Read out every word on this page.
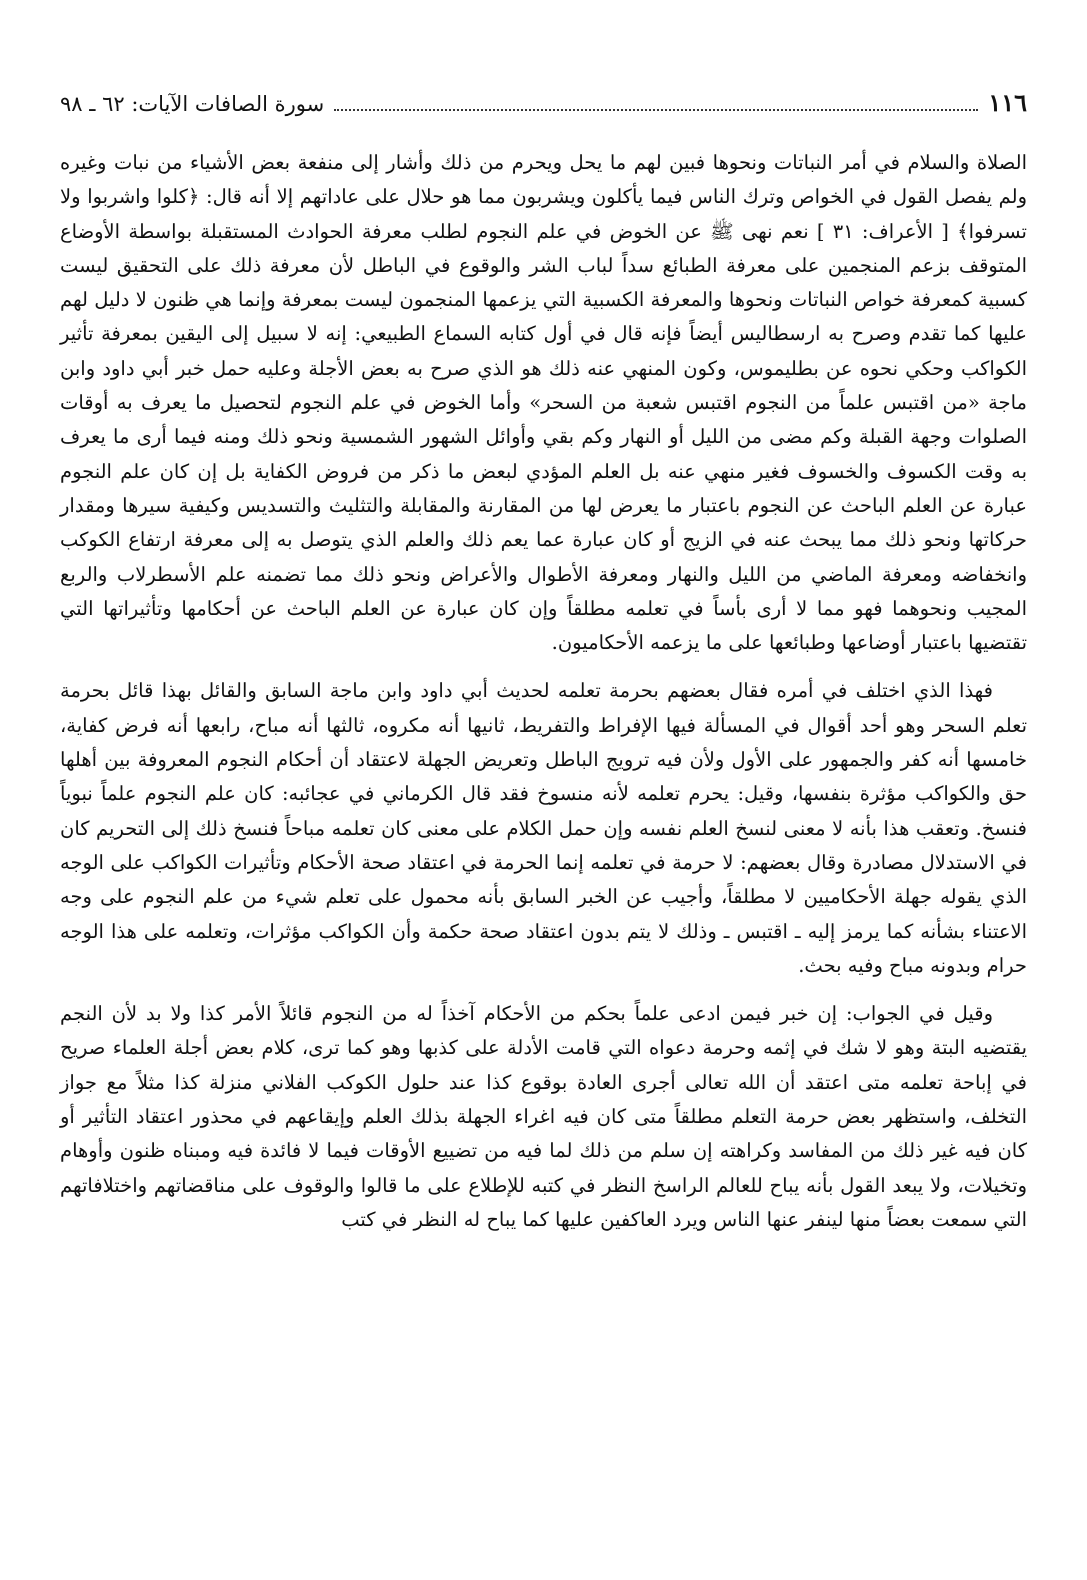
١١٦
سورة الصافات الآيات: ٦٢ ـ ٩٨

الصلاة والسلام في أمر النباتات ونحوها فبين لهم ما يحل ويحرم من ذلك وأشار إلى منفعة بعض الأشياء من نبات وغيره ولم يفصل القول في الخواص وترك الناس فيما يأكلون ويشربون مما هو حلال على عاداتهم إلا أنه قال: ﴿كلوا واشربوا ولا تسرفوا﴾ [ الأعراف: ٣١ ] نعم نهى ﷺ عن الخوض في علم النجوم لطلب معرفة الحوادث المستقبلة بواسطة الأوضاع المتوقف بزعم المنجمين على معرفة الطبائع سداً لباب الشر والوقوع في الباطل لأن معرفة ذلك على التحقيق ليست كسبية كمعرفة خواص النباتات ونحوها والمعرفة الكسبية التي يزعمها المنجمون ليست بمعرفة وإنما هي ظنون لا دليل لهم عليها كما تقدم وصرح به ارسطاليس أيضاً فإنه قال في أول كتابه السماع الطبيعي: إنه لا سبيل إلى اليقين بمعرفة تأثير الكواكب وحكي نحوه عن بطليموس، وكون المنهي عنه ذلك هو الذي صرح به بعض الأجلة وعليه حمل خبر أبي داود وابن ماجة «من اقتبس علماً من النجوم اقتبس شعبة من السحر» وأما الخوض في علم النجوم لتحصيل ما يعرف به أوقات الصلوات وجهة القبلة وكم مضى من الليل أو النهار وكم بقي وأوائل الشهور الشمسية ونحو ذلك ومنه فيما أرى ما يعرف به وقت الكسوف والخسوف فغير منهي عنه بل العلم المؤدي لبعض ما ذكر من فروض الكفاية بل إن كان علم النجوم عبارة عن العلم الباحث عن النجوم باعتبار ما يعرض لها من المقارنة والمقابلة والتثليث والتسديس وكيفية سيرها ومقدار حركاتها ونحو ذلك مما يبحث عنه في الزيج أو كان عبارة عما يعم ذلك والعلم الذي يتوصل به إلى معرفة ارتفاع الكوكب وانخفاضه ومعرفة الماضي من الليل والنهار ومعرفة الأطوال والأعراض ونحو ذلك مما تضمنه علم الأسطرلاب والربع المجيب ونحوهما فهو مما لا أرى بأساً في تعلمه مطلقاً وإن كان عبارة عن العلم الباحث عن أحكامها وتأثيراتها التي تقتضيها باعتبار أوضاعها وطبائعها على ما يزعمه الأحكاميون.

فهذا الذي اختلف في أمره فقال بعضهم بحرمة تعلمه لحديث أبي داود وابن ماجة السابق والقائل بهذا قائل بحرمة تعلم السحر وهو أحد أقوال في المسألة فيها الإفراط والتفريط، ثانيها أنه مكروه، ثالثها أنه مباح، رابعها أنه فرض كفاية، خامسها أنه كفر والجمهور على الأول ولأن فيه ترويج الباطل وتعريض الجهلة لاعتقاد أن أحكام النجوم المعروفة بين أهلها حق والكواكب مؤثرة بنفسها، وقيل: يحرم تعلمه لأنه منسوخ فقد قال الكرماني في عجائبه: كان علم النجوم علماً نبوياً فنسخ. وتعقب هذا بأنه لا معنى لنسخ العلم نفسه وإن حمل الكلام على معنى كان تعلمه مباحاً فنسخ ذلك إلى التحريم كان في الاستدلال مصادرة وقال بعضهم: لا حرمة في تعلمه إنما الحرمة في اعتقاد صحة الأحكام وتأثيرات الكواكب على الوجه الذي يقوله جهلة الأحكاميين لا مطلقاً، وأجيب عن الخبر السابق بأنه محمول على تعلم شيء من علم النجوم على وجه الاعتناء بشأنه كما يرمز إليه ـ اقتبس ـ وذلك لا يتم بدون اعتقاد صحة حكمة وأن الكواكب مؤثرات، وتعلمه على هذا الوجه حرام وبدونه مباح وفيه بحث.

وقيل في الجواب: إن خبر فيمن ادعى علماً بحكم من الأحكام آخذاً له من النجوم قائلاً الأمر كذا ولا بد لأن النجم يقتضيه البتة وهو لا شك في إثمه وحرمة دعواه التي قامت الأدلة على كذبها وهو كما ترى، كلام بعض أجلة العلماء صريح في إباحة تعلمه متى اعتقد أن الله تعالى أجرى العادة بوقوع كذا عند حلول الكوكب الفلاني منزلة كذا مثلاً مع جواز التخلف، واستظهر بعض حرمة التعلم مطلقاً متى كان فيه اغراء الجهلة بذلك العلم وإيقاعهم في محذور اعتقاد التأثير أو كان فيه غير ذلك من المفاسد وكراهته إن سلم من ذلك لما فيه من تضييع الأوقات فيما لا فائدة فيه ومبناه ظنون وأوهام وتخيلات، ولا يبعد القول بأنه يباح للعالم الراسخ النظر في كتبه للإطلاع على ما قالوا والوقوف على مناقضاتهم واختلافاتهم التي سمعت بعضاً منها لينفر عنها الناس ويرد العاكفين عليها كما يباح له النظر في كتب
